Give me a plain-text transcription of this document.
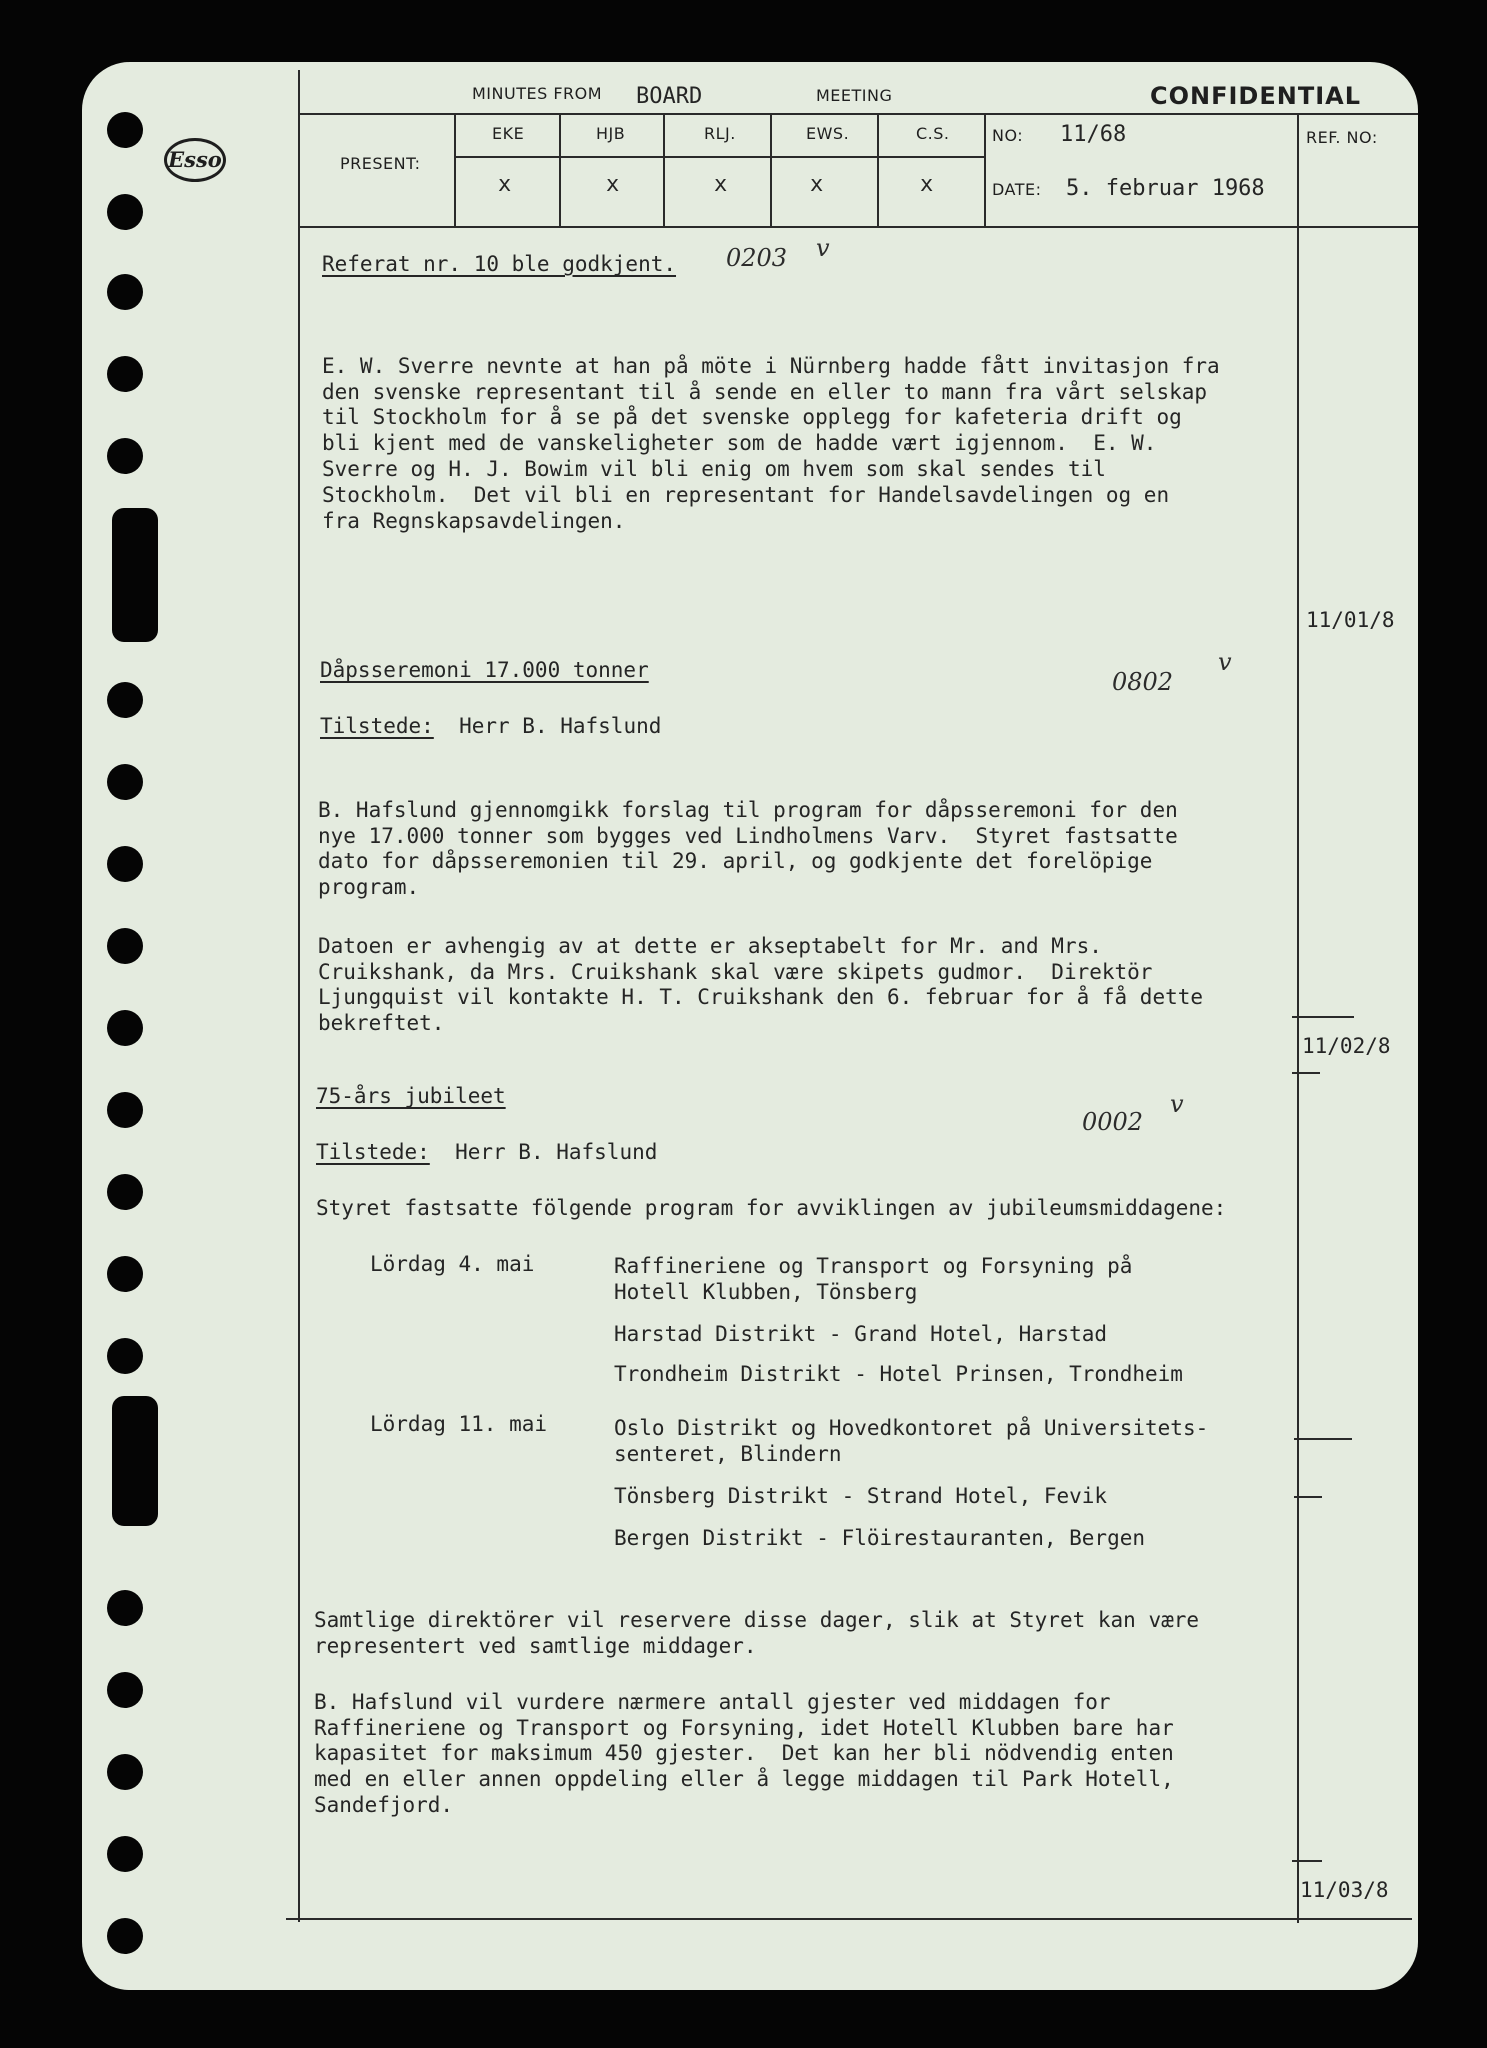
Esso
MINUTES FROM BOARD	MEETING	CONFIDENTIAL
PRESENT:
EKE	HJB	RLJ.	EWS.	C.S.
x	x	x	x	x
NO: 11/68
DATE: 5. februar 1968
REF. NO:
Referat nr. 10 ble godkjent. 0203 v

E. W. Sverre nevnte at han på möte i Nürnberg hadde fått invitasjon fra
den svenske representant til å sende en eller to mann fra vårt selskap
til Stockholm for å se på det svenske opplegg for kafeteria drift og
bli kjent med de vanskeligheter som de hadde vært igjennom.  E. W.
Sverre og H. J. Bowim vil bli enig om hvem som skal sendes til
Stockholm.  Det vil bli en representant for Handelsavdelingen og en
fra Regnskapsavdelingen.

11/01/8
Dåpsseremoni 17.000 tonner	0802
v
Tilstede: Herr B. Hafslund

B. Hafslund gjennomgikk forslag til program for dåpsseremoni for den
nye 17.000 tonner som bygges ved Lindholmens Varv.  Styret fastsatte
dato for dåpsseremonien til 29. april, og godkjente det forelöpige
program.

Datoen er avhengig av at dette er akseptabelt for Mr. and Mrs.
Cruikshank, da Mrs. Cruikshank skal være skipets gudmor.  Direktör
Ljungquist vil kontakte H. T. Cruikshank den 6. februar for å få dette
bekreftet.

11/02/8
75-års jubileet
0002
v
Tilstede: Herr B. Hafslund
Styret fastsatte fölgende program for avviklingen av jubileumsmiddagene:
Lördag 4. mai	Raffineriene og Transport og Forsyning på
Hotell Klubben, Tönsberg
Harstad Distrikt - Grand Hotel, Harstad
Trondheim Distrikt - Hotel Prinsen, Trondheim
Lördag 11. mai	Oslo Distrikt og Hovedkontoret på Universitets-
senteret, Blindern
Tönsberg Distrikt - Strand Hotel, Fevik
Bergen Distrikt - Flöirestauranten, Bergen

Samtlige direktörer vil reservere disse dager, slik at Styret kan være
representert ved samtlige middager.

B. Hafslund vil vurdere nærmere antall gjester ved middagen for
Raffineriene og Transport og Forsyning, idet Hotell Klubben bare har
kapasitet for maksimum 450 gjester.  Det kan her bli nödvendig enten
med en eller annen oppdeling eller å legge middagen til Park Hotell,
Sandefjord.

11/03/8
